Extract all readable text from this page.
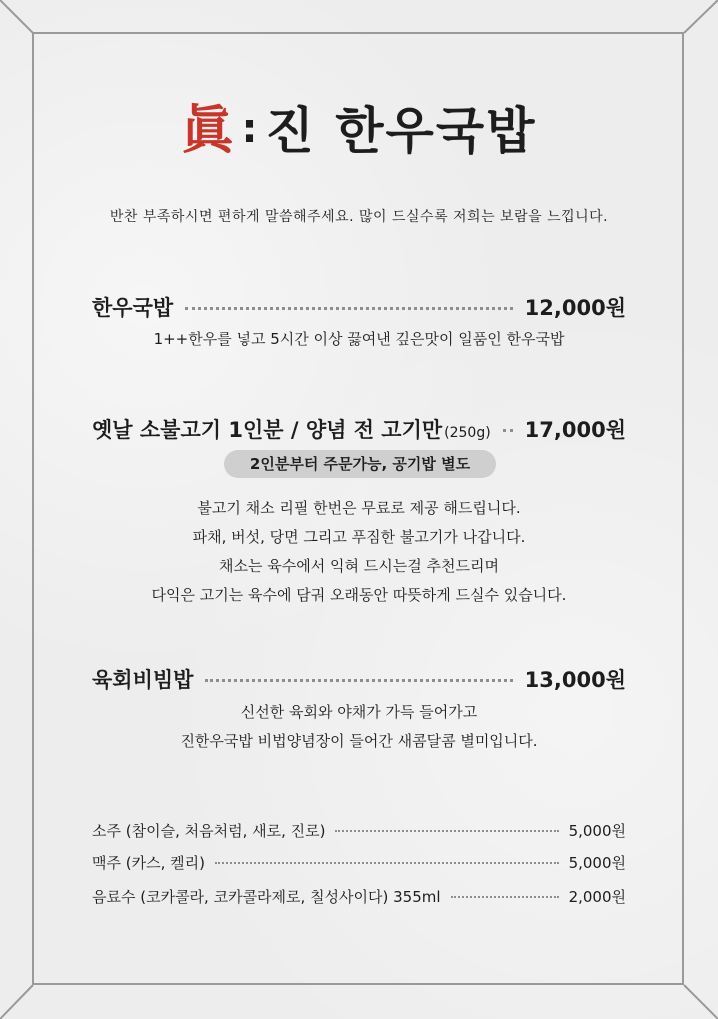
眞 : 진 한우국밥
반찬 부족하시면 편하게 말씀해주세요. 많이 드실수록 저희는 보람을 느낍니다.
한우국밥	12,000원
1++한우를 넣고 5시간 이상 끓여낸 깊은맛이 일품인 한우국밥
옛날 소불고기 1인분 / 양념 전 고기만 (250g) 17,000원
2인분부터 주문가능, 공기밥 별도
불고기 채소 리필 한번은 무료로 제공 해드립니다.
파채, 버섯, 당면 그리고 푸짐한 불고기가 나갑니다.
채소는 육수에서 익혀 드시는걸 추천드리며
다익은 고기는 육수에 담궈 오래동안 따뜻하게 드실수 있습니다.
육회비빔밥	13,000원
신선한 육회와 야채가 가득 들어가고
진한우국밥 비법양념장이 들어간 새콤달콤 별미입니다.
소주 (참이슬, 처음처럼, 새로, 진로)	5,000원
맥주 (카스, 켈리)	5,000원
음료수 (코카콜라, 코카콜라제로, 칠성사이다) 355ml	2,000원
